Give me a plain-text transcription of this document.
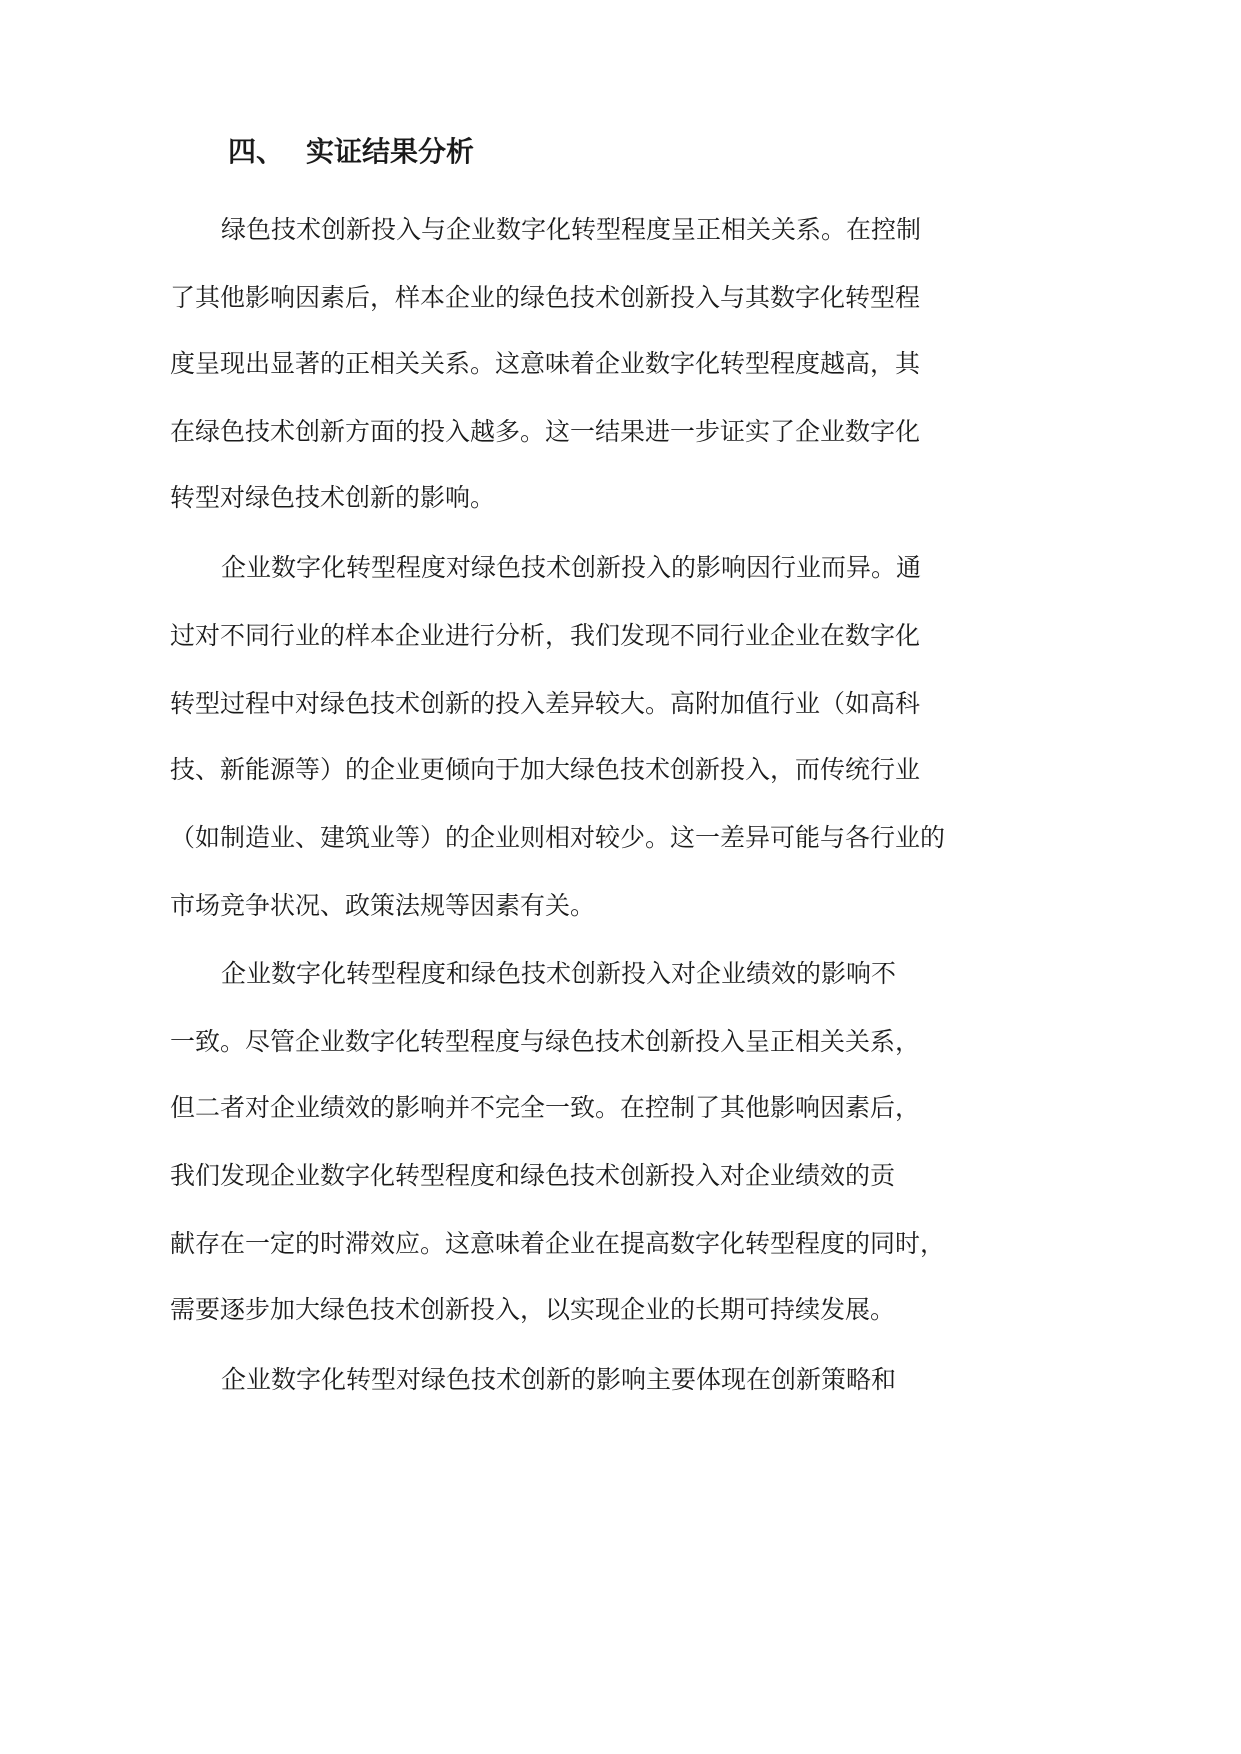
四、 实证结果分析
绿色技术创新投入与企业数字化转型程度呈正相关关系。在控制
了其他影响因素后，样本企业的绿色技术创新投入与其数字化转型程
度呈现出显著的正相关关系。这意味着企业数字化转型程度越高，其
在绿色技术创新方面的投入越多。这一结果进一步证实了企业数字化
转型对绿色技术创新的影响。
企业数字化转型程度对绿色技术创新投入的影响因行业而异。通
过对不同行业的样本企业进行分析，我们发现不同行业企业在数字化
转型过程中对绿色技术创新的投入差异较大。高附加值行业（如高科
技、新能源等）的企业更倾向于加大绿色技术创新投入，而传统行业
（如制造业、建筑业等）的企业则相对较少。这一差异可能与各行业的
市场竞争状况、政策法规等因素有关。
企业数字化转型程度和绿色技术创新投入对企业绩效的影响不
一致。尽管企业数字化转型程度与绿色技术创新投入呈正相关关系，
但二者对企业绩效的影响并不完全一致。在控制了其他影响因素后，
我们发现企业数字化转型程度和绿色技术创新投入对企业绩效的贡
献存在一定的时滞效应。这意味着企业在提高数字化转型程度的同时，
需要逐步加大绿色技术创新投入，以实现企业的长期可持续发展。
企业数字化转型对绿色技术创新的影响主要体现在创新策略和
